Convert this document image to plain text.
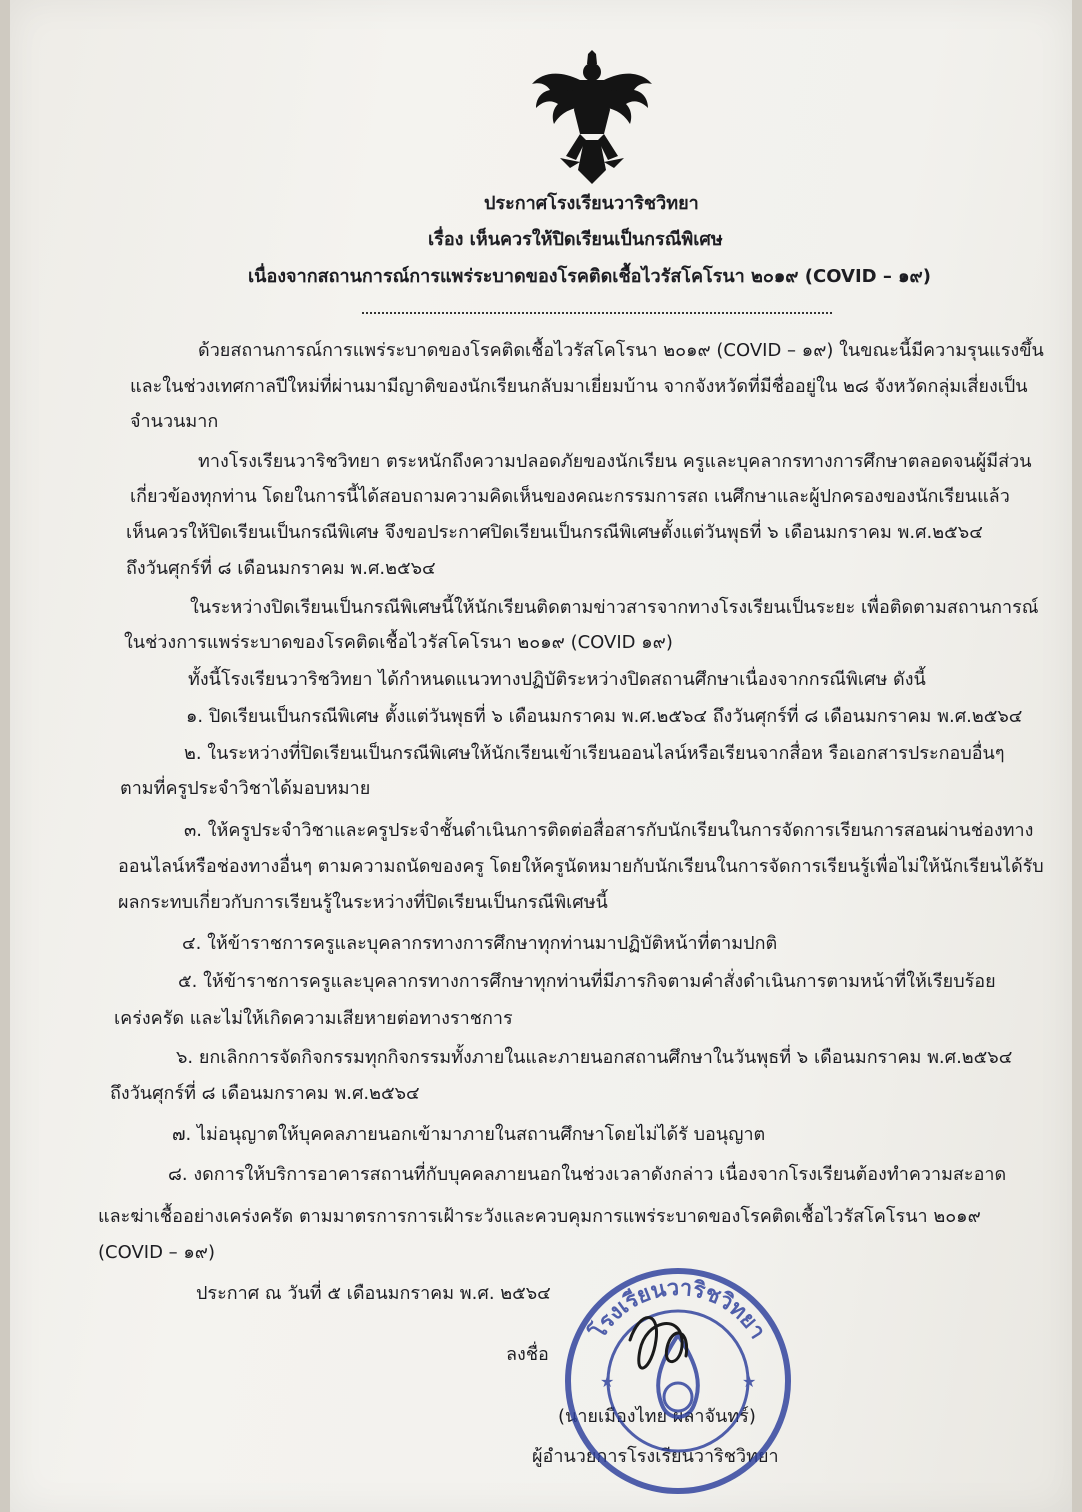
ประกาศโรงเรียนวาริชวิทยา
เรื่อง เห็นควรให้ปิดเรียนเป็นกรณีพิเศษ
เนื่องจากสถานการณ์การแพร่ระบาดของโรคติดเชื้อไวรัสโคโรนา ๒๐๑๙ (COVID – ๑๙)
ด้วยสถานการณ์การแพร่ระบาดของโรคติดเชื้อไวรัสโคโรนา ๒๐๑๙ (COVID – ๑๙) ในขณะนี้มีความรุนแรงขึ้น
และในช่วงเทศกาลปีใหม่ที่ผ่านมามีญาติของนักเรียนกลับมาเยี่ยมบ้าน จากจังหวัดที่มีชื่ออยู่ใน ๒๘ จังหวัดกลุ่มเสี่ยงเป็น
จำนวนมาก
ทางโรงเรียนวาริชวิทยา ตระหนักถึงความปลอดภัยของนักเรียน ครูและบุคลากรทางการศึกษาตลอดจนผู้มีส่วน
เกี่ยวข้องทุกท่าน โดยในการนี้ได้สอบถามความคิดเห็นของคณะกรรมการสถ เนศึกษาและผู้ปกครองของนักเรียนแล้ว
เห็นควรให้ปิดเรียนเป็นกรณีพิเศษ จึงขอประกาศปิดเรียนเป็นกรณีพิเศษตั้งแต่วันพุธที่ ๖ เดือนมกราคม พ.ศ.๒๕๖๔
ถึงวันศุกร์ที่ ๘ เดือนมกราคม พ.ศ.๒๕๖๔
ในระหว่างปิดเรียนเป็นกรณีพิเศษนี้ให้นักเรียนติดตามข่าวสารจากทางโรงเรียนเป็นระยะ เพื่อติดตามสถานการณ์
ในช่วงการแพร่ระบาดของโรคติดเชื้อไวรัสโคโรนา ๒๐๑๙ (COVID ๑๙)
ทั้งนี้โรงเรียนวาริชวิทยา ได้กำหนดแนวทางปฏิบัติระหว่างปิดสถานศึกษาเนื่องจากกรณีพิเศษ ดังนี้
๑. ปิดเรียนเป็นกรณีพิเศษ ตั้งแต่วันพุธที่ ๖ เดือนมกราคม พ.ศ.๒๕๖๔ ถึงวันศุกร์ที่ ๘ เดือนมกราคม พ.ศ.๒๕๖๔
๒. ในระหว่างที่ปิดเรียนเป็นกรณีพิเศษให้นักเรียนเข้าเรียนออนไลน์หรือเรียนจากสื่อห รือเอกสารประกอบอื่นๆ
ตามที่ครูประจำวิชาได้มอบหมาย
๓. ให้ครูประจำวิชาและครูประจำชั้นดำเนินการติดต่อสื่อสารกับนักเรียนในการจัดการเรียนการสอนผ่านช่องทาง
ออนไลน์หรือช่องทางอื่นๆ ตามความถนัดของครู โดยให้ครูนัดหมายกับนักเรียนในการจัดการเรียนรู้เพื่อไม่ให้นักเรียนได้รับ
ผลกระทบเกี่ยวกับการเรียนรู้ในระหว่างที่ปิดเรียนเป็นกรณีพิเศษนี้
๔. ให้ข้าราชการครูและบุคลากรทางการศึกษาทุกท่านมาปฏิบัติหน้าที่ตามปกติ
๕. ให้ข้าราชการครูและบุคลากรทางการศึกษาทุกท่านที่มีภารกิจตามคำสั่งดำเนินการตามหน้าที่ให้เรียบร้อย
เคร่งครัด และไม่ให้เกิดความเสียหายต่อทางราชการ
๖. ยกเลิกการจัดกิจกรรมทุกกิจกรรมทั้งภายในและภายนอกสถานศึกษาในวันพุธที่ ๖ เดือนมกราคม พ.ศ.๒๕๖๔
ถึงวันศุกร์ที่ ๘ เดือนมกราคม พ.ศ.๒๕๖๔
๗. ไม่อนุญาตให้บุคคลภายนอกเข้ามาภายในสถานศึกษาโดยไม่ได้รั บอนุญาต
๘. งดการให้บริการอาคารสถานที่กับบุคคลภายนอกในช่วงเวลาดังกล่าว เนื่องจากโรงเรียนต้องทำความสะอาด
และฆ่าเชื้ออย่างเคร่งครัด ตามมาตรการการเฝ้าระวังและควบคุมการแพร่ระบาดของโรคติดเชื้อไวรัสโคโรนา ๒๐๑๙
(COVID – ๑๙)
ประกาศ ณ วันที่ ๕ เดือนมกราคม พ.ศ. ๒๕๖๔
ลงชื่อ
(นายเมืองไทย ผลาจันทร์)
ผู้อำนวยการโรงเรียนวาริชวิทยา
โรงเรียนวาริชวิทยา
★	★
